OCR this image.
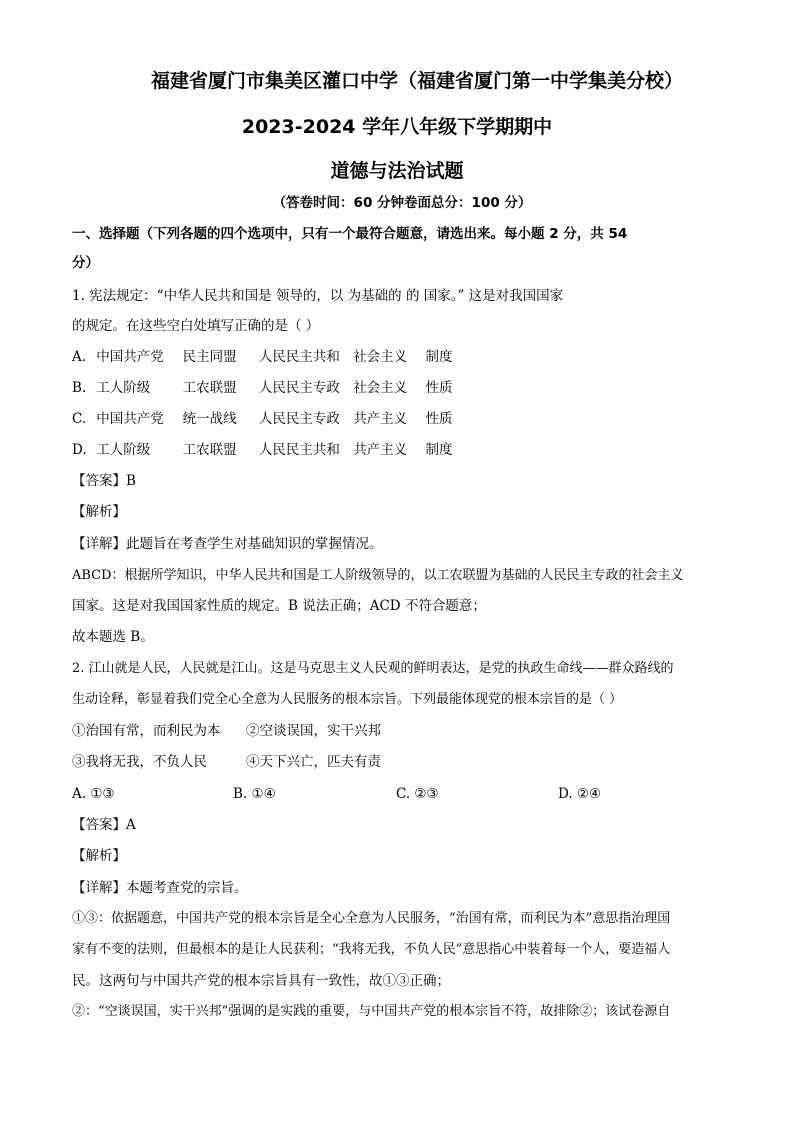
福建省厦门市集美区灌口中学（福建省厦门第一中学集美分校）
2023-2024 学年八年级下学期期中
道德与法治试题
（答卷时间：60 分钟卷面总分：100 分）
一、选择题（下列各题的四个选项中，只有一个最符合题意，请选出来。每小题 2 分，共 54
分）
1. 宪法规定：“中华人民共和国是 领导的，以 为基础的 的 国家。” 这是对我国国家
的规定。在这些空白处填写正确的是（ ）
A. 中国共产党 民主同盟 人民民主共和 社会主义 制度
B. 工人阶级 工农联盟 人民民主专政 社会主义 性质
C. 中国共产党 统一战线 人民民主专政 共产主义 性质
D. 工人阶级 工农联盟 人民民主共和 共产主义 制度
【答案】B
【解析】
【详解】此题旨在考查学生对基础知识的掌握情况。
ABCD：根据所学知识，中华人民共和国是工人阶级领导的，以工农联盟为基础的人民民主专政的社会主义
国家。这是对我国国家性质的规定。B 说法正确；ACD 不符合题意；
故本题选 B。
2. 江山就是人民，人民就是江山。这是马克思主义人民观的鲜明表达，是党的执政生命线——群众路线的
生动诠释，彰显着我们党全心全意为人民服务的根本宗旨。下列最能体现党的根本宗旨的是（ ）
①治国有常，而利民为本 ②空谈误国，实干兴邦
③我将无我，不负人民	④天下兴亡，匹夫有责
A. ①③	B. ①④	C. ②③	D. ②④
【答案】A
【解析】
【详解】本题考查党的宗旨。
①③：依据题意，中国共产党的根本宗旨是全心全意为人民服务，“治国有常，而利民为本”意思指治理国
家有不变的法则，但最根本的是让人民获利；“我将无我，不负人民”意思指心中装着每一个人，要造福人
民。这两句与中国共产党的根本宗旨具有一致性，故①③正确；
②：“空谈误国，实干兴邦”强调的是实践的重要，与中国共产党的根本宗旨不符，故排除②；该试卷源自
